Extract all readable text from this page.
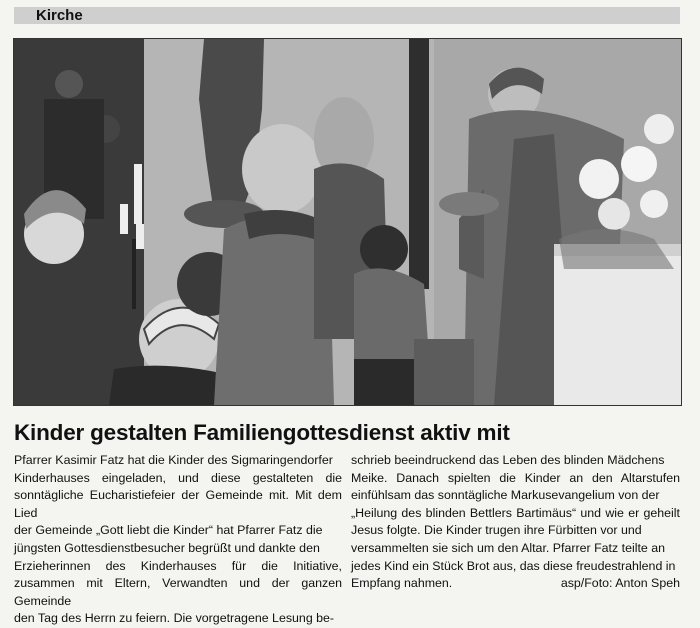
Kirche
Kinder gestalten Familiengottesdienst aktiv mit
Pfarrer Kasimir Fatz hat die Kinder des Sigmaringendorfer
Kinderhauses eingeladen, und diese gestalteten die sonntägliche Eucharistiefeier der Gemeinde mit. Mit dem Lied
der Gemeinde „Gott liebt die Kinder“ hat Pfarrer Fatz die
jüngsten Gottesdienstbesucher begrüßt und dankte den
Erzieherinnen des Kinderhauses für die Initiative, zusammen mit Eltern, Verwandten und der ganzen Gemeinde
den Tag des Herrn zu feiern. Die vorgetragene Lesung be-
schrieb beeindruckend das Leben des blinden Mädchens
Meike. Danach spielten die Kinder an den Altarstufen einfühlsam das sonntägliche Markusevangelium von der
„Heilung des blinden Bettlers Bartimäus“ und wie er geheilt Jesus folgte. Die Kinder trugen ihre Fürbitten vor und
versammelten sie sich um den Altar. Pfarrer Fatz teilte an
jedes Kind ein Stück Brot aus, das diese freudestrahlend in
Empfang nahmen.	asp/Foto: Anton Speh
